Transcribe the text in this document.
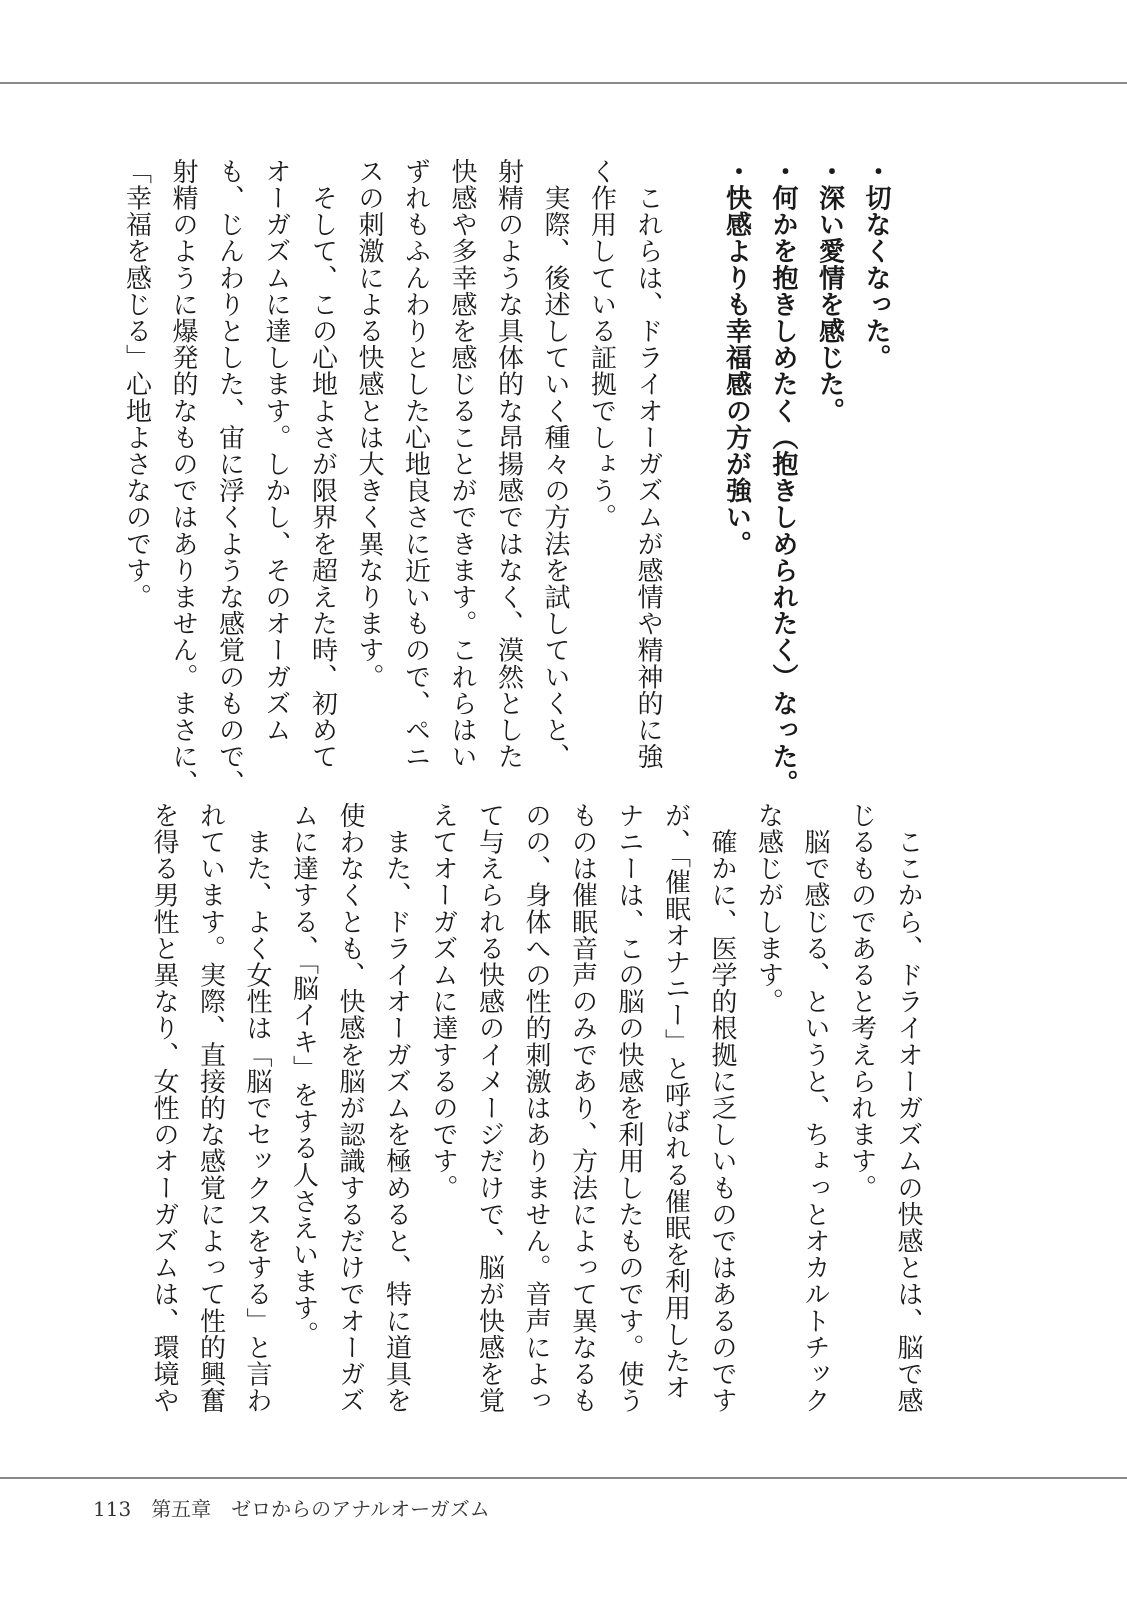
・切なくなった。

・深い愛情を感じた。

・何かを抱きしめたく（抱きしめられたく）なった。

・快感よりも幸福感の方が強い。

　これらは、ドライオーガズムが感情や精神的に強

く作用している証拠でしょう。

　実際、後述していく種々の方法を試していくと、

射精のような具体的な昂揚感ではなく、漠然とした

快感や多幸感を感じることができます。これらはい

ずれもふんわりとした心地良さに近いもので、ペニ

スの刺激による快感とは大きく異なります。

　そして、この心地よさが限界を超えた時、初めて

オーガズムに達します。しかし、そのオーガズム

も、じんわりとした、宙に浮くような感覚のもので、

射精のように爆発的なものではありません。まさに、

「幸福を感じる」心地よさなのです。

　ここから、ドライオーガズムの快感とは、脳で感

じるものであると考えられます。

　脳で感じる、というと、ちょっとオカルトチック

な感じがします。

　確かに、医学的根拠に乏しいものではあるのです

が、「催眠オナニー」と呼ばれる催眠を利用したオ

ナニーは、この脳の快感を利用したものです。使う

ものは催眠音声のみであり、方法によって異なるも

のの、身体への性的刺激はありません。音声によっ

て与えられる快感のイメージだけで、脳が快感を覚

えてオーガズムに達するのです。

　また、ドライオーガズムを極めると、特に道具を

使わなくとも、快感を脳が認識するだけでオーガズ

ムに達する、「脳イキ」をする人さえいます。

　また、よく女性は「脳でセックスをする」と言わ

れています。実際、直接的な感覚によって性的興奮

を得る男性と異なり、女性のオーガズムは、環境や

113 第五章　ゼロからのアナルオーガズム
